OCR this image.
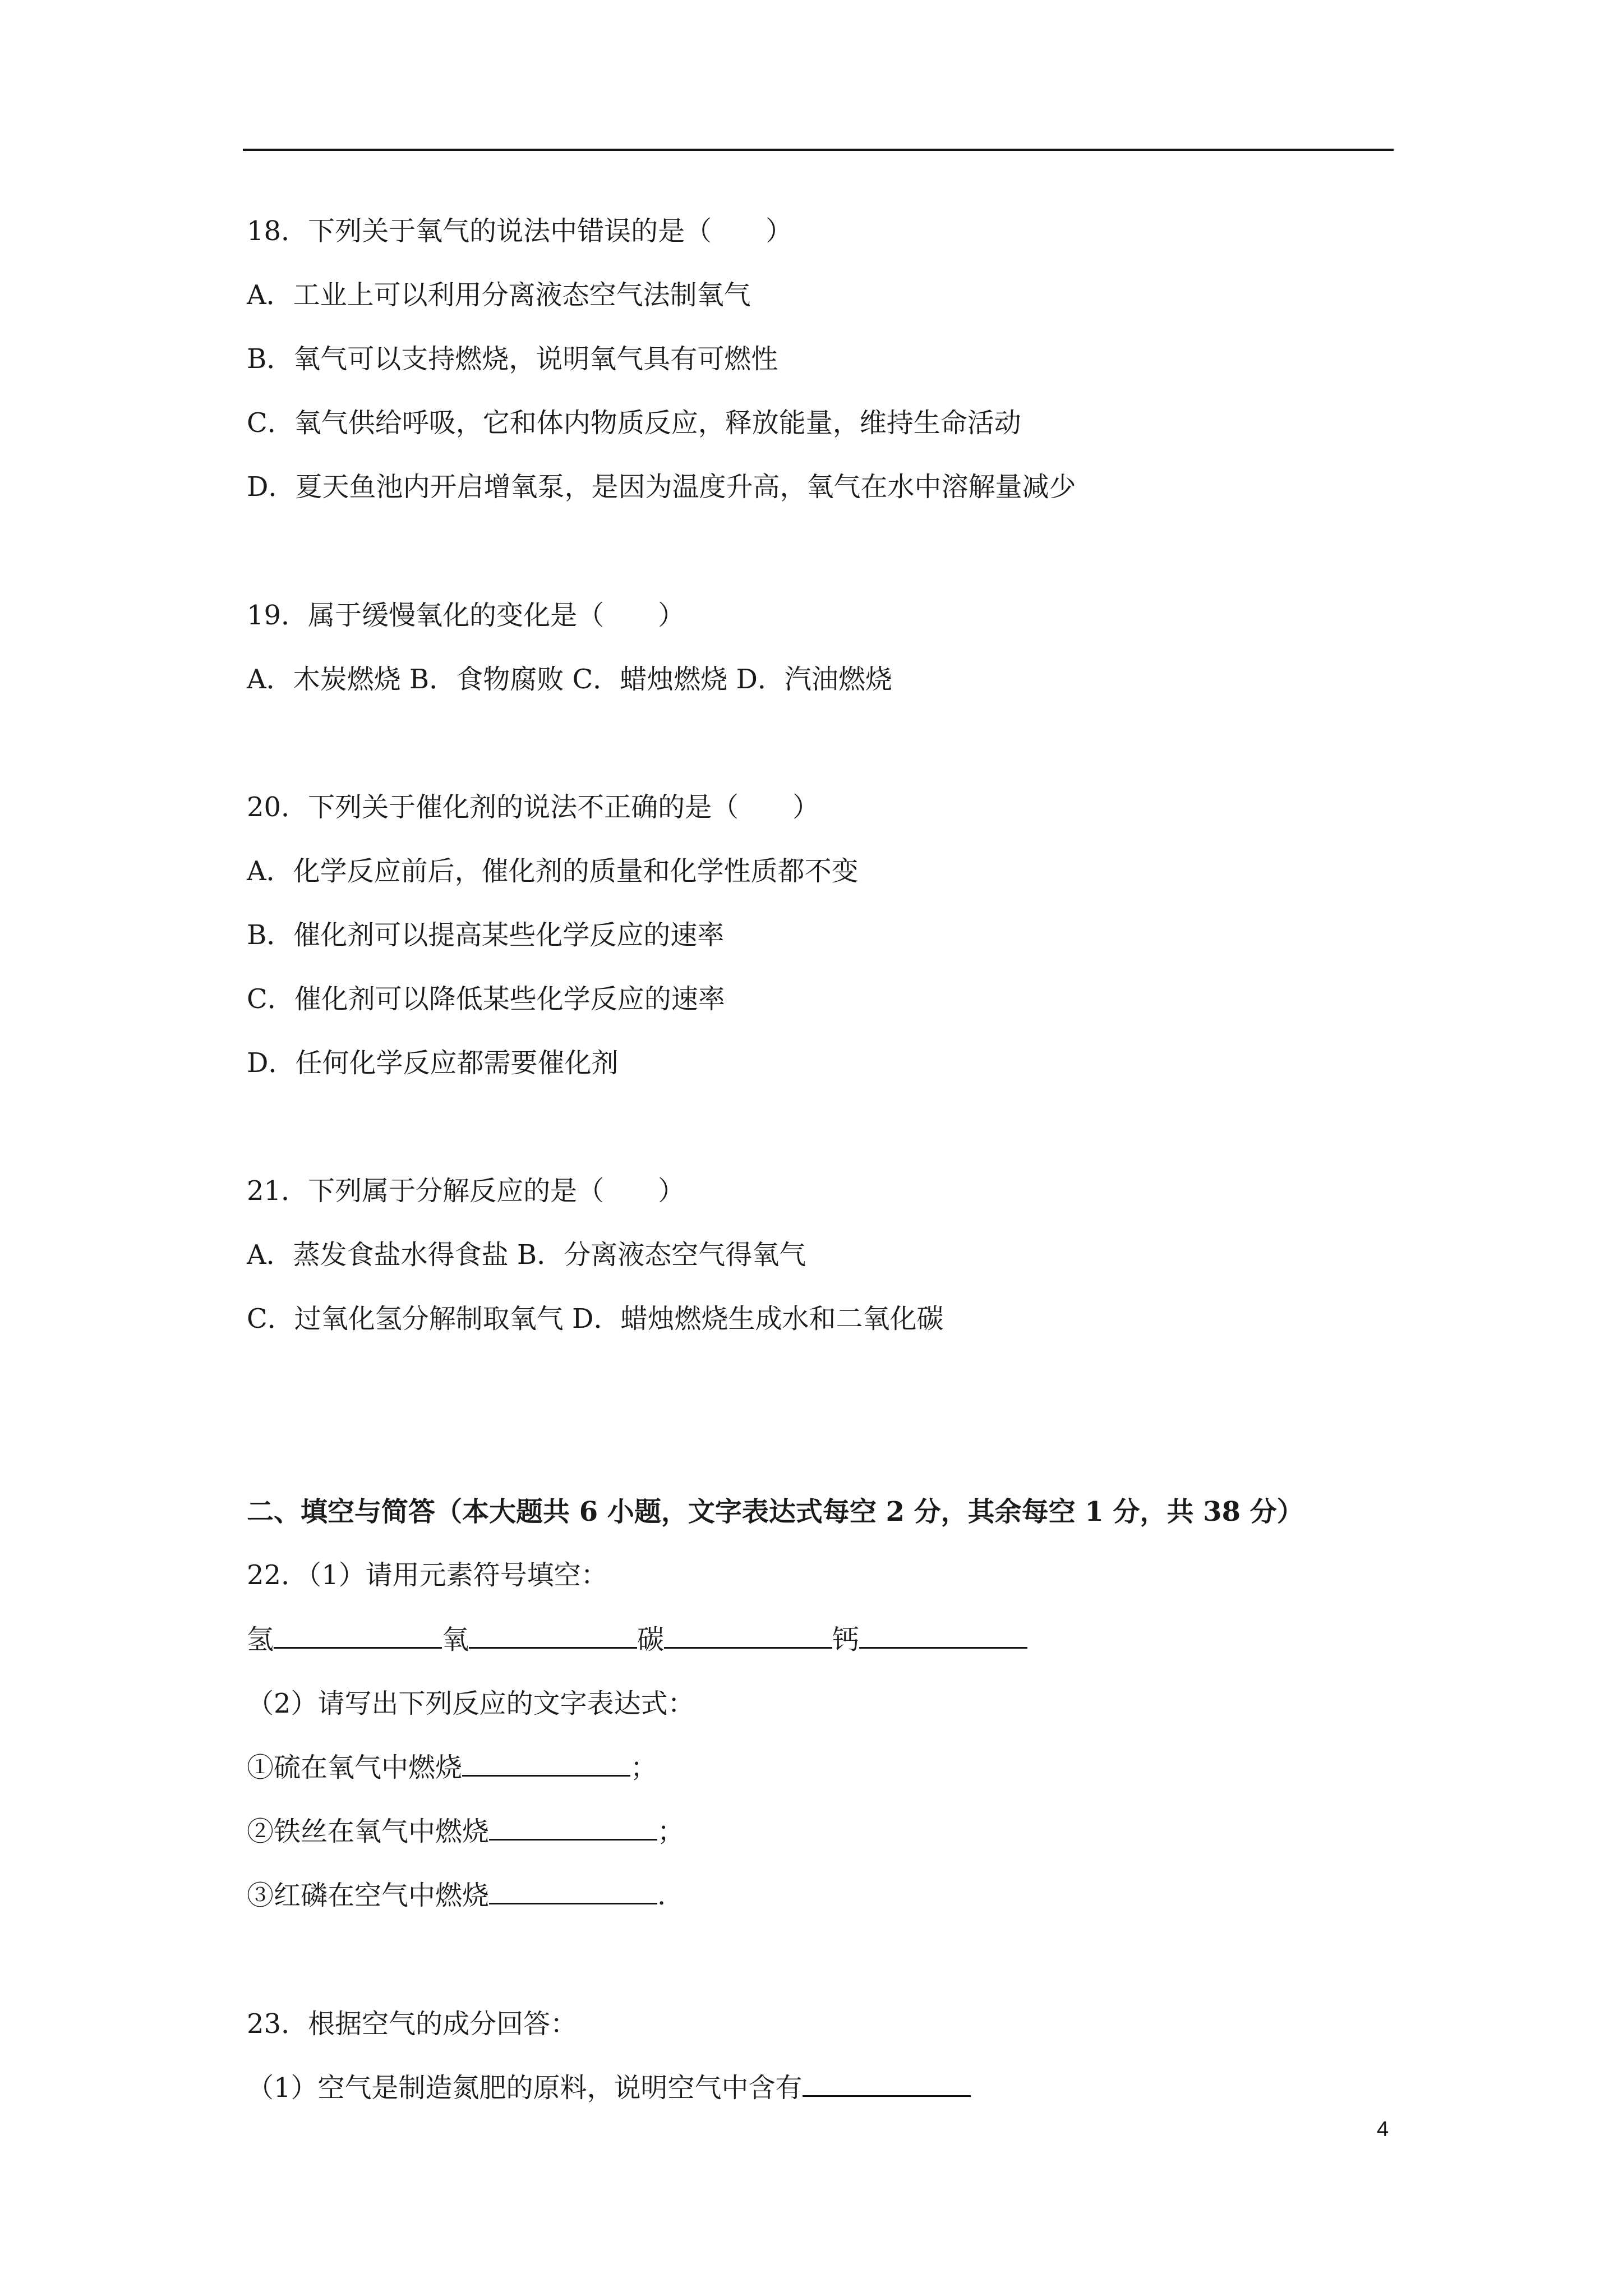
18．下列关于氧气的说法中错误的是（　　）
A．工业上可以利用分离液态空气法制氧气
B．氧气可以支持燃烧，说明氧气具有可燃性
C．氧气供给呼吸，它和体内物质反应，释放能量，维持生命活动
D．夏天鱼池内开启增氧泵，是因为温度升高，氧气在水中溶解量减少
19．属于缓慢氧化的变化是（　　）
A．木炭燃烧 B．食物腐败 C．蜡烛燃烧 D．汽油燃烧
20．下列关于催化剂的说法不正确的是（　　）
A．化学反应前后，催化剂的质量和化学性质都不变
B．催化剂可以提高某些化学反应的速率
C．催化剂可以降低某些化学反应的速率
D．任何化学反应都需要催化剂
21．下列属于分解反应的是（　　）
A．蒸发食盐水得食盐 B．分离液态空气得氧气
C．过氧化氢分解制取氧气 D．蜡烛燃烧生成水和二氧化碳
二、填空与简答（本大题共 6 小题，文字表达式每空 2 分，其余每空 1 分，共 38 分）
22．（1）请用元素符号填空：
氢	氧	碳	钙
（2）请写出下列反应的文字表达式：
①硫在氧气中燃烧	；
②铁丝在氧气中燃烧	；
③红磷在空气中燃烧	.
23．根据空气的成分回答：
（1）空气是制造氮肥的原料，说明空气中含有
4
